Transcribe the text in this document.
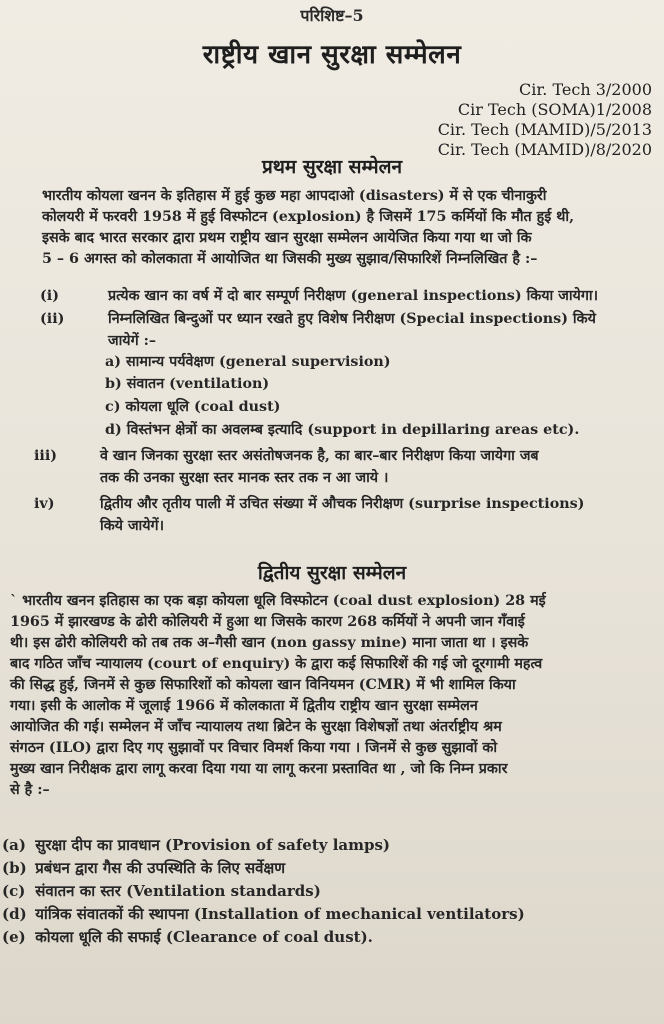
परिशिष्ट–5
राष्ट्रीय खान सुरक्षा सम्मेलन
Cir. Tech 3/2000
Cir Tech (SOMA)1/2008
Cir. Tech (MAMID)/5/2013
Cir. Tech (MAMID)/8/2020
प्रथम सुरक्षा सम्मेलन

भारतीय कोयला खनन के इतिहास में हुई कुछ महा आपदाओ (disasters) में से एक चीनाकुरी

कोलयरी में फरवरी 1958 में हुई विस्फोटन (explosion) है जिसमें 175 कर्मियों कि मौत हुई थी,

इसके बाद भारत सरकार द्वारा प्रथम राष्ट्रीय खान सुरक्षा सम्मेलन आयेजित किया गया था जो कि

5 – 6 अगस्त को कोलकाता में आयोजित था जिसकी मुख्य सुझाव/सिफारिशें निम्नलिखित है :–

(i)	प्रत्येक खान का वर्ष में दो बार सम्पूर्ण निरीक्षण (general inspections) किया जायेगा।
(ii)	निम्नलिखित बिन्दुओं पर ध्यान रखते हुए विशेष निरीक्षण (Special inspections) किये
जायेगें :–
a) सामान्य पर्यवेक्षण (general supervision)
b) संवातन (ventilation)
c) कोयला धूलि (coal dust)
d) विस्तंभन क्षेत्रों का अवलम्ब इत्यादि (support in depillaring areas etc).
iii)	वे खान जिनका सुरक्षा स्तर असंतोषजनक है, का बार–बार निरीक्षण किया जायेगा जब
तक की उनका सुरक्षा स्तर मानक स्तर तक न आ जाये ।
iv)	द्वितीय और तृतीय पाली में उचित संख्या में औचक निरीक्षण (surprise inspections)
किये जायेगें।
द्वितीय सुरक्षा सम्मेलन

` भारतीय खनन इतिहास का एक बड़ा कोयला धूलि विस्फोटन (coal dust explosion) 28 मई

1965 में झारखण्ड के ढोरी कोलियरी में हुआ था जिसके कारण 268 कर्मियों ने अपनी जान गँवाई

थी। इस ढोरी कोलियरी को तब तक अ–गैसी खान (non gassy mine) माना जाता था । इसके

बाद गठित जाँच न्यायालय (court of enquiry) के द्वारा कई सिफारिशें की गई जो दूरगामी महत्व

की सिद्ध हुई, जिनमें से कुछ सिफारिशों को कोयला खान विनियमन (CMR) में भी शामिल किया

गया। इसी के आलोक में जूलाई 1966 में कोलकाता में द्वितीय राष्ट्रीय खान सुरक्षा सम्मेलन

आयोजित की गई। सम्मेलन में जाँच न्यायालय तथा ब्रिटेन के सुरक्षा विशेषज्ञों तथा अंतर्राष्ट्रीय श्रम

संगठन (ILO) द्वारा दिए गए सुझावों पर विचार विमर्श किया गया । जिनमें से कुछ सुझावों को

मुख्य खान निरीक्षक द्वारा लागू करवा दिया गया या लागू करना प्रस्तावित था , जो कि निम्न प्रकार

से है :–

(a) सुरक्षा दीप का प्रावधान (Provision of safety lamps)
(b) प्रबंधन द्वारा गैस की उपस्थिति के लिए सर्वेक्षण
(c) संवातन का स्तर (Ventilation standards)
(d) यांत्रिक संवातकों की स्थापना (Installation of mechanical ventilators)
(e) कोयला धूलि की सफाई (Clearance of coal dust).
